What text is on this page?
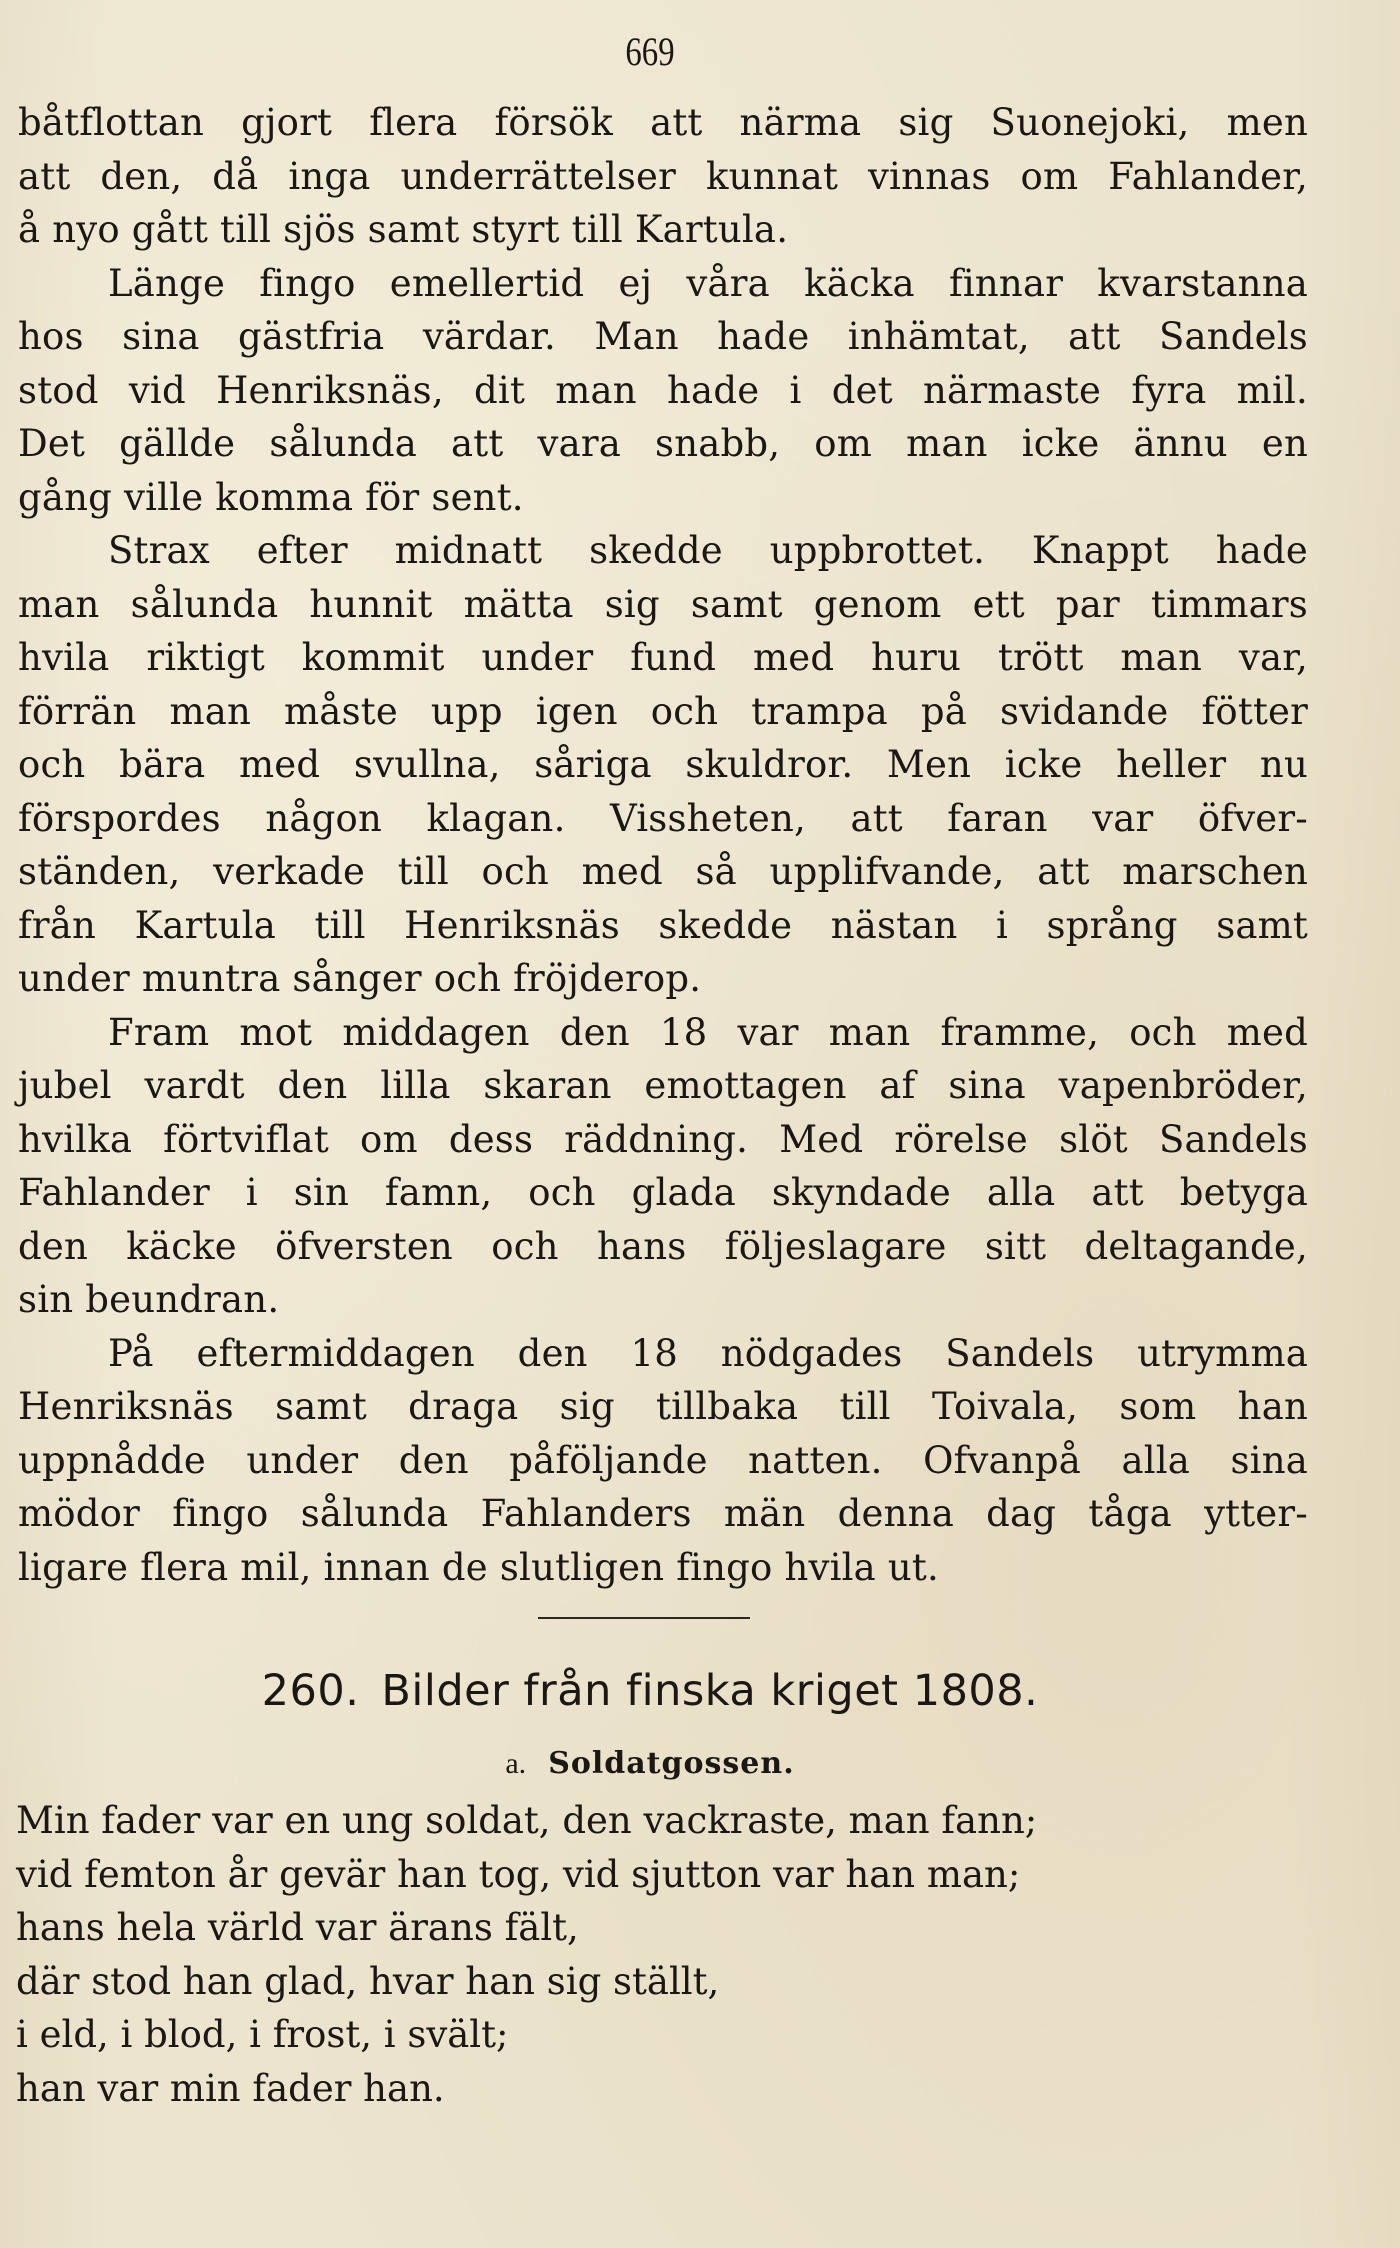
669
båtflottan gjort flera försök att närma sig Suonejoki, men
att den, då inga underrättelser kunnat vinnas om Fahlander,
å nyo gått till sjös samt styrt till Kartula.
Länge fingo emellertid ej våra käcka finnar kvarstanna
hos sina gästfria värdar. Man hade inhämtat, att Sandels
stod vid Henriksnäs, dit man hade i det närmaste fyra mil.
Det gällde sålunda att vara snabb, om man icke ännu en
gång ville komma för sent.
Strax efter midnatt skedde uppbrottet. Knappt hade
man sålunda hunnit mätta sig samt genom ett par timmars
hvila riktigt kommit under fund med huru trött man var,
förrän man måste upp igen och trampa på svidande fötter
och bära med svullna, såriga skuldror. Men icke heller nu
förspordes någon klagan. Vissheten, att faran var öfver-
ständen, verkade till och med så upplifvande, att marschen
från Kartula till Henriksnäs skedde nästan i språng samt
under muntra sånger och fröjderop.
Fram mot middagen den 18 var man framme, och med
jubel vardt den lilla skaran emottagen af sina vapenbröder,
hvilka förtviflat om dess räddning. Med rörelse slöt Sandels
Fahlander i sin famn, och glada skyndade alla att betyga
den käcke öfversten och hans följeslagare sitt deltagande,
sin beundran.
På eftermiddagen den 18 nödgades Sandels utrymma
Henriksnäs samt draga sig tillbaka till Toivala, som han
uppnådde under den påföljande natten. Ofvanpå alla sina
mödor fingo sålunda Fahlanders män denna dag tåga ytter-
ligare flera mil, innan de slutligen fingo hvila ut.
260. Bilder från finska kriget 1808.
a. Soldatgossen.
Min fader var en ung soldat, den vackraste, man fann;
vid femton år gevär han tog, vid sjutton var han man;
hans hela värld var ärans fält,
där stod han glad, hvar han sig ställt,
i eld, i blod, i frost, i svält;
han var min fader han.
